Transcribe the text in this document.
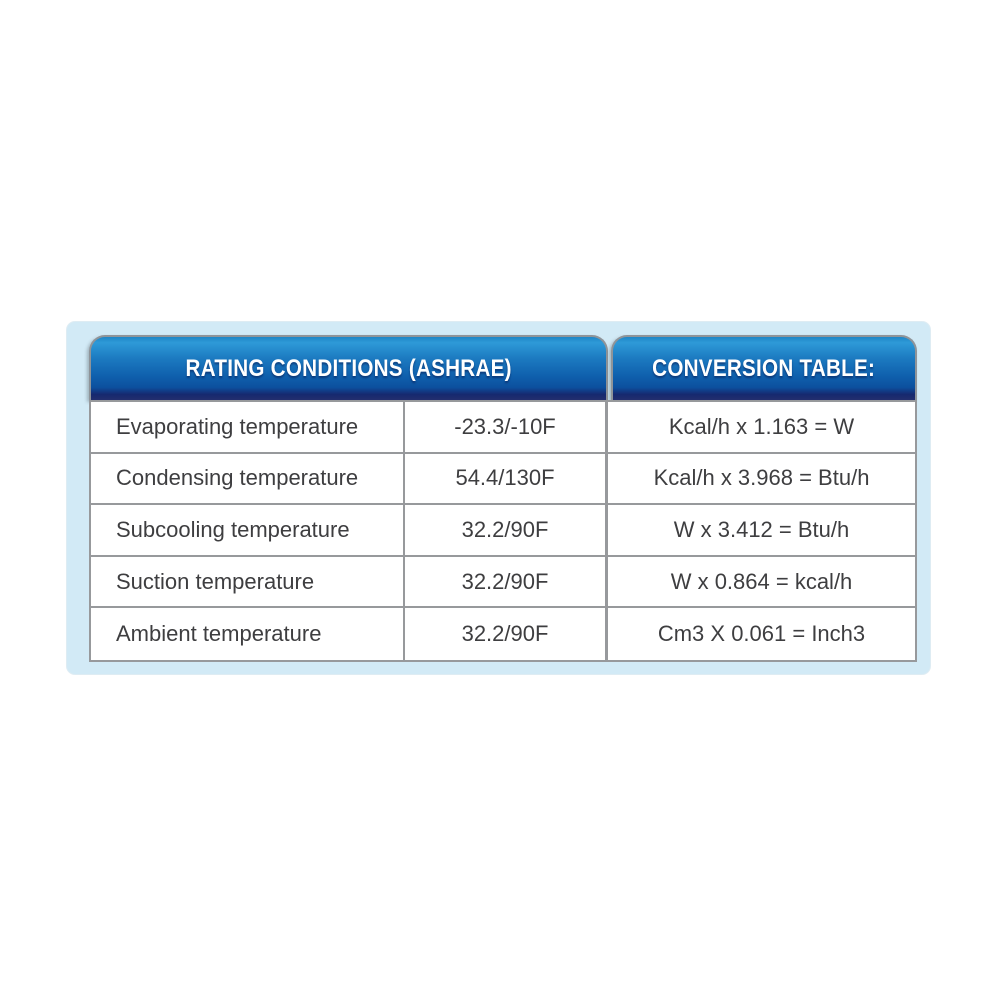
RATING CONDITIONS (ASHRAE)	CONVERSION TABLE:
Evaporating temperature	-23.3/-10F	Kcal/h x 1.163 = W
Condensing temperature	54.4/130F	Kcal/h x 3.968 = Btu/h
Subcooling temperature	32.2/90F	W x 3.412 = Btu/h
Suction temperature	32.2/90F	W x 0.864 = kcal/h
Ambient temperature	32.2/90F	Cm3 X 0.061 = Inch3
